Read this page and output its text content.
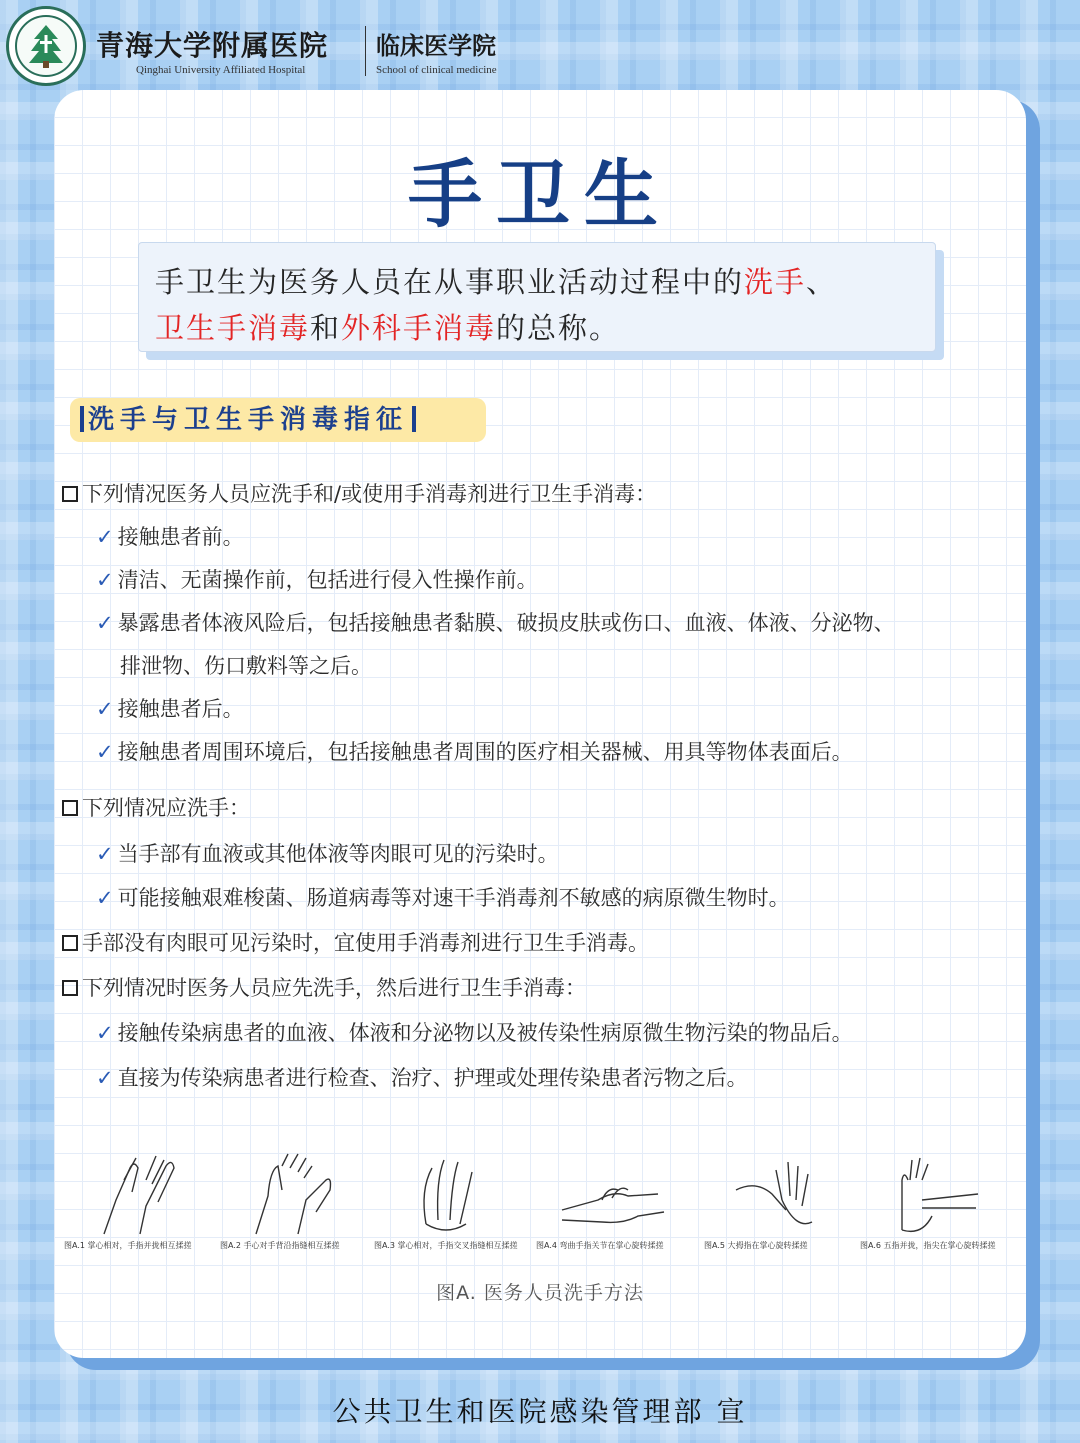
青海大学附属医院
Qinghai University Affiliated Hospital
临床医学院
School of clinical medicine
手卫生
手卫生为医务人员在从事职业活动过程中的洗手、
卫生手消毒和外科手消毒的总称。
洗手与卫生手消毒指征
下列情况医务人员应洗手和/或使用手消毒剂进行卫生手消毒：
✓ 接触患者前。
✓ 清洁、无菌操作前，包括进行侵入性操作前。
✓ 暴露患者体液风险后，包括接触患者黏膜、破损皮肤或伤口、血液、体液、分泌物、
排泄物、伤口敷料等之后。
✓ 接触患者后。
✓ 接触患者周围环境后，包括接触患者周围的医疗相关器械、用具等物体表面后。
下列情况应洗手：
✓ 当手部有血液或其他体液等肉眼可见的污染时。
✓ 可能接触艰难梭菌、肠道病毒等对速干手消毒剂不敏感的病原微生物时。
手部没有肉眼可见污染时，宜使用手消毒剂进行卫生手消毒。
下列情况时医务人员应先洗手，然后进行卫生手消毒：
✓ 接触传染病患者的血液、体液和分泌物以及被传染性病原微生物污染的物品后。
✓ 直接为传染病患者进行检查、治疗、护理或处理传染患者污物之后。
图A.1 掌心相对，手指并拢相互揉搓	图A.2 手心对手背沿指缝相互揉搓	图A.3 掌心相对，手指交叉指缝相互揉搓 图A.4 弯曲手指关节在掌心旋转揉搓	图A.5 大拇指在掌心旋转揉搓	图A.6 五指并拢，指尖在掌心旋转揉搓
图A. 医务人员洗手方法
公共卫生和医院感染管理部 宣
